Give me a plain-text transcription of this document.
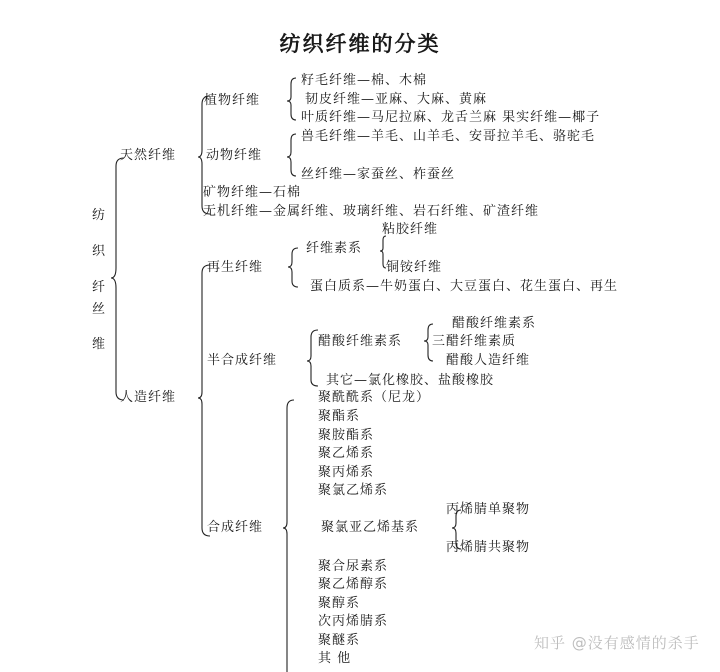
纺织纤维的分类
纺
织
纤
丝
维
天然纤维
人造纤维
植物纤维
籽毛纤维—棉、木棉
韧皮纤维—亚麻、大麻、黄麻
叶质纤维—马尼拉麻、龙舌兰麻 果实纤维—椰子
动物纤维
兽毛纤维—羊毛、山羊毛、安哥拉羊毛、骆驼毛
丝纤维—家蚕丝、柞蚕丝
矿物纤维—石棉
无机纤维—金属纤维、玻璃纤维、岩石纤维、矿渣纤维
再生纤维
粘胶纤维
纤维素系
铜铵纤维
蛋白质系—牛奶蛋白、大豆蛋白、花生蛋白、再生
半合成纤维
醋酸纤维素系
醋酸纤维素系
三醋纤维素质
醋酸人造纤维
其它—氯化橡胶、盐酸橡胶
合成纤维
聚酰酰系（尼龙）
聚酯系
聚胺酯系
聚乙烯系
聚丙烯系
聚氯乙烯系
聚氯亚乙烯基系
丙烯腈单聚物
丙烯腈共聚物
聚合尿素系
聚乙烯醇系
聚醇系
次丙烯腈系
聚醚系
其 他
知乎 @没有感情的杀手
